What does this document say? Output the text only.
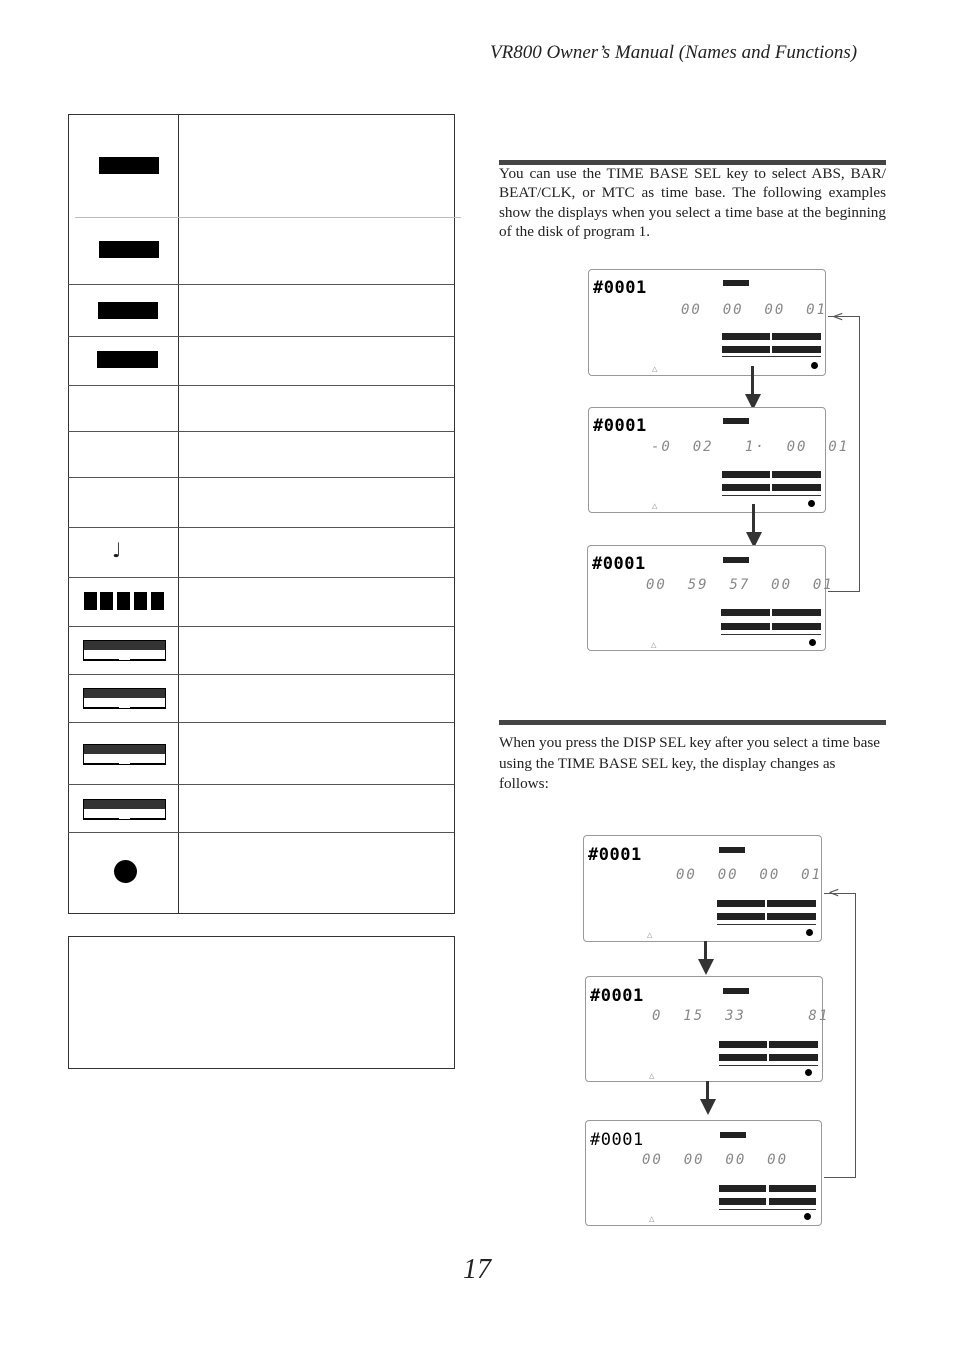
VR800 Owner’s Manual (Names and Functions)
♩
You can use the TIME BASE SEL key to select ABS, BAR/ BEAT/CLK, or MTC as time base. The following examples show the displays when you select a time base at the beginning of the disk of program 1.
#0001
00  00  00  01
△
#0001
-0  02   1·  00  01
△
#0001
00  59  57  00  01
△
<
When you press the DISP SEL key after you select a time base using the TIME BASE SEL key, the display changes as follows:
#0001
00  00  00  01
△
#0001
0  15  33      81
△
#0001
00  00  00  00
△
<
17
